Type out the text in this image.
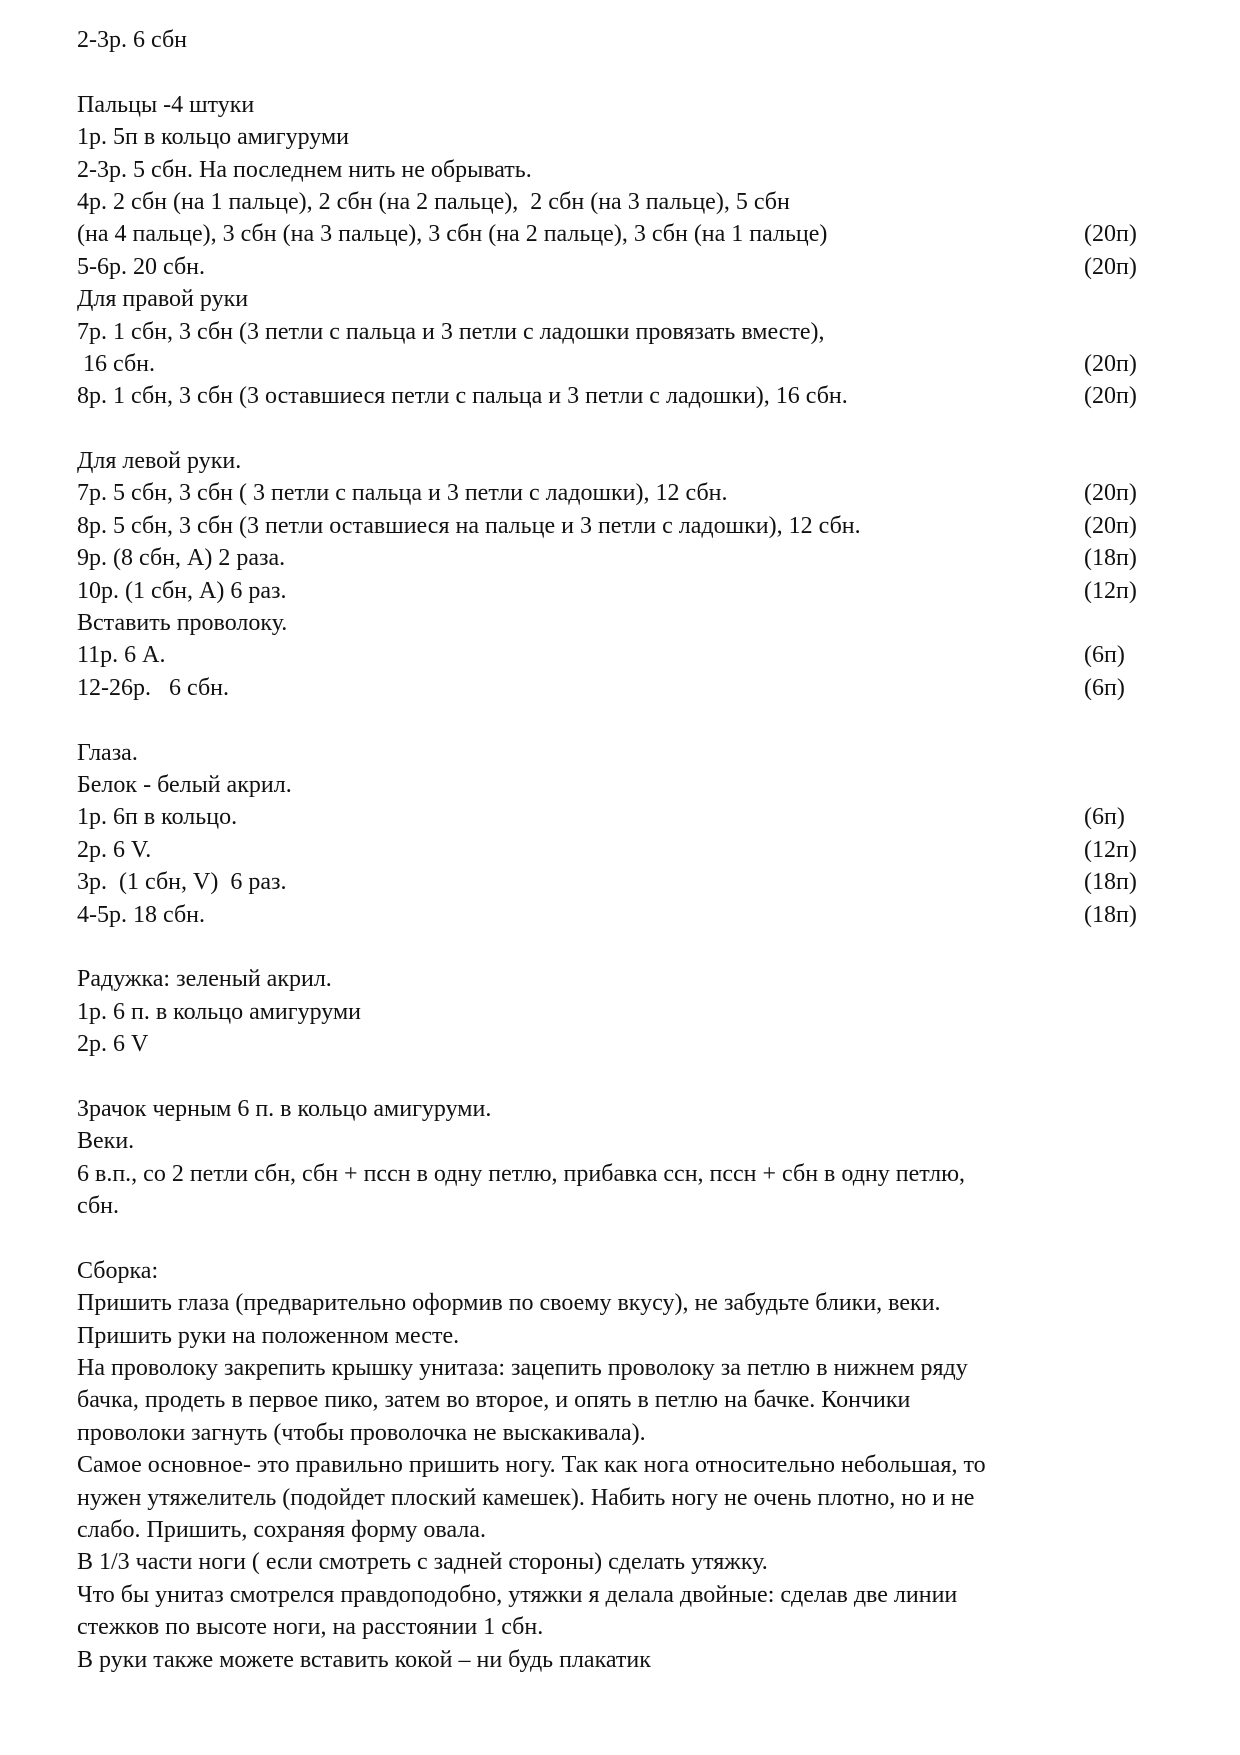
2-3р. 6 сбн
Пальцы -4 штуки
1р. 5п в кольцо амигуруми
2-3р. 5 сбн. На последнем нить не обрывать.
4р. 2 сбн (на 1 пальце), 2 сбн (на 2 пальце),  2 сбн (на 3 пальце), 5 сбн
(на 4 пальце), 3 сбн (на 3 пальце), 3 сбн (на 2 пальце), 3 сбн (на 1 пальце)	(20п)
5-6р. 20 сбн.	(20п)
Для правой руки
7р. 1 сбн, 3 сбн (3 петли с пальца и 3 петли с ладошки провязать вместе),
16 сбн.	(20п)
8р. 1 сбн, 3 сбн (3 оставшиеся петли с пальца и 3 петли с ладошки), 16 сбн.	(20п)
Для левой руки.
7р. 5 сбн, 3 сбн ( 3 петли с пальца и 3 петли с ладошки), 12 сбн.	(20п)
8р. 5 сбн, 3 сбн (3 петли оставшиеся на пальце и 3 петли с ладошки), 12 сбн.	(20п)
9р. (8 сбн, А) 2 раза.	(18п)
10р. (1 сбн, А) 6 раз.	(12п)
Вставить проволоку.
11р. 6 А.	(6п)
12-26р.   6 сбн.	(6п)
Глаза.
Белок - белый акрил.
1р. 6п в кольцо.	(6п)
2р. 6 V.	(12п)
3р.  (1 сбн, V)  6 раз.	(18п)
4-5р. 18 сбн.	(18п)
Радужка: зеленый акрил.
1р. 6 п. в кольцо амигуруми
2р. 6 V
Зрачок черным 6 п. в кольцо амигуруми.
Веки.
6 в.п., со 2 петли сбн, сбн + пссн в одну петлю, прибавка ссн, пссн + сбн в одну петлю,
сбн.
Сборка:
Пришить глаза (предварительно оформив по своему вкусу), не забудьте блики, веки.
Пришить руки на положенном месте.
На проволоку закрепить крышку унитаза: зацепить проволоку за петлю в нижнем ряду
бачка, продеть в первое пико, затем во второе, и опять в петлю на бачке. Кончики
проволоки загнуть (чтобы проволочка не выскакивала).
Самое основное- это правильно пришить ногу. Так как нога относительно небольшая, то
нужен утяжелитель (подойдет плоский камешек). Набить ногу не очень плотно, но и не
слабо. Пришить, сохраняя форму овала.
В 1/3 части ноги ( если смотреть с задней стороны) сделать утяжку.
Что бы унитаз смотрелся правдоподобно, утяжки я делала двойные: сделав две линии
стежков по высоте ноги, на расстоянии 1 сбн.
В руки также можете вставить кокой – ни будь плакатик
